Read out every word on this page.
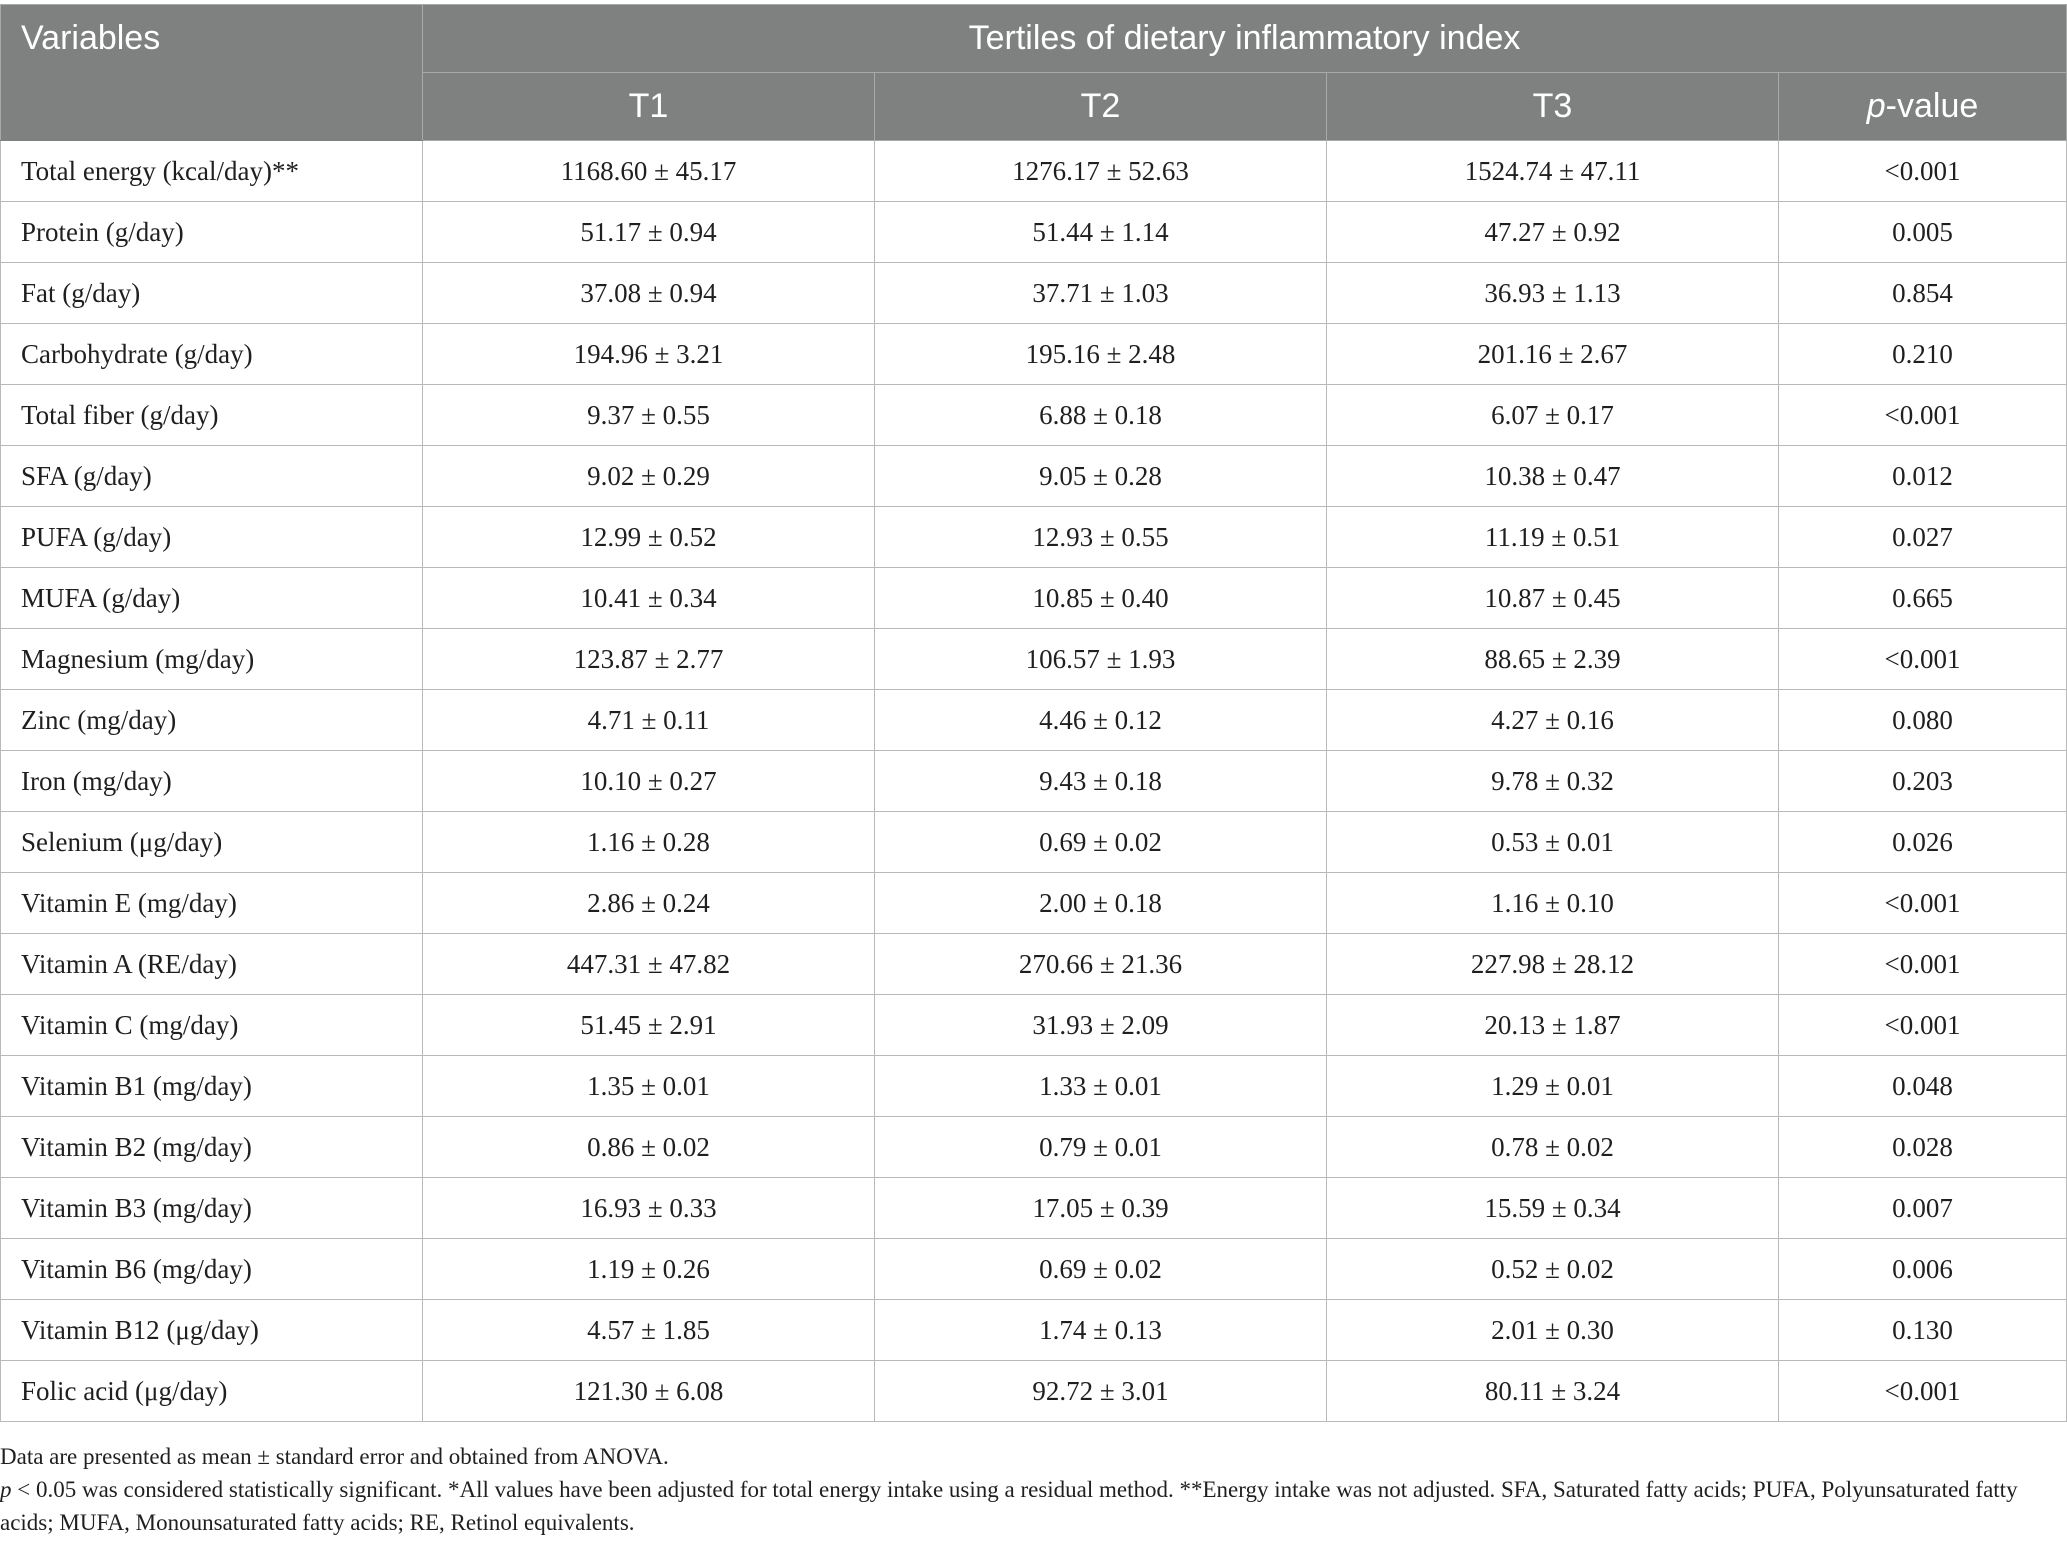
Variables	Tertiles of dietary inflammatory index			
	T1	T2	T3	p-value
Total energy (kcal/day)**	1168.60 ± 45.17	1276.17 ± 52.63	1524.74 ± 47.11	<0.001
Protein (g/day)	51.17 ± 0.94	51.44 ± 1.14	47.27 ± 0.92	0.005
Fat (g/day)	37.08 ± 0.94	37.71 ± 1.03	36.93 ± 1.13	0.854
Carbohydrate (g/day)	194.96 ± 3.21	195.16 ± 2.48	201.16 ± 2.67	0.210
Total fiber (g/day)	9.37 ± 0.55	6.88 ± 0.18	6.07 ± 0.17	<0.001
SFA (g/day)	9.02 ± 0.29	9.05 ± 0.28	10.38 ± 0.47	0.012
PUFA (g/day)	12.99 ± 0.52	12.93 ± 0.55	11.19 ± 0.51	0.027
MUFA (g/day)	10.41 ± 0.34	10.85 ± 0.40	10.87 ± 0.45	0.665
Magnesium (mg/day)	123.87 ± 2.77	106.57 ± 1.93	88.65 ± 2.39	<0.001
Zinc (mg/day)	4.71 ± 0.11	4.46 ± 0.12	4.27 ± 0.16	0.080
Iron (mg/day)	10.10 ± 0.27	9.43 ± 0.18	9.78 ± 0.32	0.203
Selenium (μg/day)	1.16 ± 0.28	0.69 ± 0.02	0.53 ± 0.01	0.026
Vitamin E (mg/day)	2.86 ± 0.24	2.00 ± 0.18	1.16 ± 0.10	<0.001
Vitamin A (RE/day)	447.31 ± 47.82	270.66 ± 21.36	227.98 ± 28.12	<0.001
Vitamin C (mg/day)	51.45 ± 2.91	31.93 ± 2.09	20.13 ± 1.87	<0.001
Vitamin B1 (mg/day)	1.35 ± 0.01	1.33 ± 0.01	1.29 ± 0.01	0.048
Vitamin B2 (mg/day)	0.86 ± 0.02	0.79 ± 0.01	0.78 ± 0.02	0.028
Vitamin B3 (mg/day)	16.93 ± 0.33	17.05 ± 0.39	15.59 ± 0.34	0.007
Vitamin B6 (mg/day)	1.19 ± 0.26	0.69 ± 0.02	0.52 ± 0.02	0.006
Vitamin B12 (μg/day)	4.57 ± 1.85	1.74 ± 0.13	2.01 ± 0.30	0.130
Folic acid (μg/day)	121.30 ± 6.08	92.72 ± 3.01	80.11 ± 3.24	<0.001

Data are presented as mean ± standard error and obtained from ANOVA.

p < 0.05 was considered statistically significant. *All values have been adjusted for total energy intake using a residual method. **Energy intake was not adjusted. SFA, Saturated fatty acids; PUFA, Polyunsaturated fatty acids; MUFA, Monounsaturated fatty acids; RE, Retinol equivalents.
